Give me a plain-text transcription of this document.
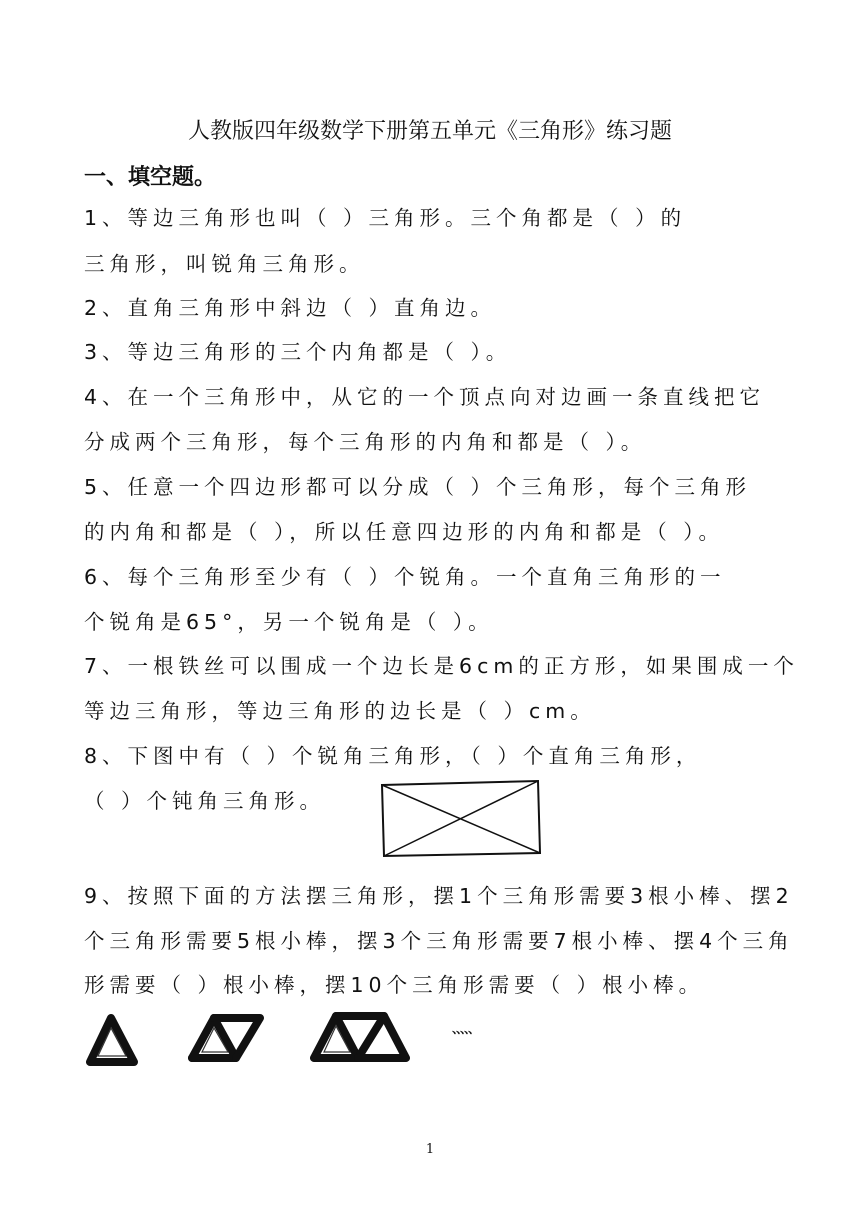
人教版四年级数学下册第五单元《三角形》练习题
一、填空题。
1、等边三角形也叫（ ）三角形。三个角都是（ ）的
三角形，叫锐角三角形。
2、直角三角形中斜边（ ）直角边。
3、等边三角形的三个内角都是（ ）。
4、在一个三角形中，从它的一个顶点向对边画一条直线把它
分成两个三角形，每个三角形的内角和都是（ ）。
5、任意一个四边形都可以分成（ ）个三角形，每个三角形
的内角和都是（ ），所以任意四边形的内角和都是（ ）。
6、每个三角形至少有（ ）个锐角。一个直角三角形的一
个锐角是65°，另一个锐角是（ ）。
7、一根铁丝可以围成一个边长是6cm的正方形，如果围成一个
等边三角形，等边三角形的边长是（ ）cm。
8、下图中有（ ）个锐角三角形，（ ）个直角三角形，
（ ）个钝角三角形。
9、按照下面的方法摆三角形，摆1个三角形需要3根小棒、摆2
个三角形需要5根小棒，摆3个三角形需要7根小棒、摆4个三角
形需要（ ）根小棒，摆10个三角形需要（ ）根小棒。
、、、、、
1
